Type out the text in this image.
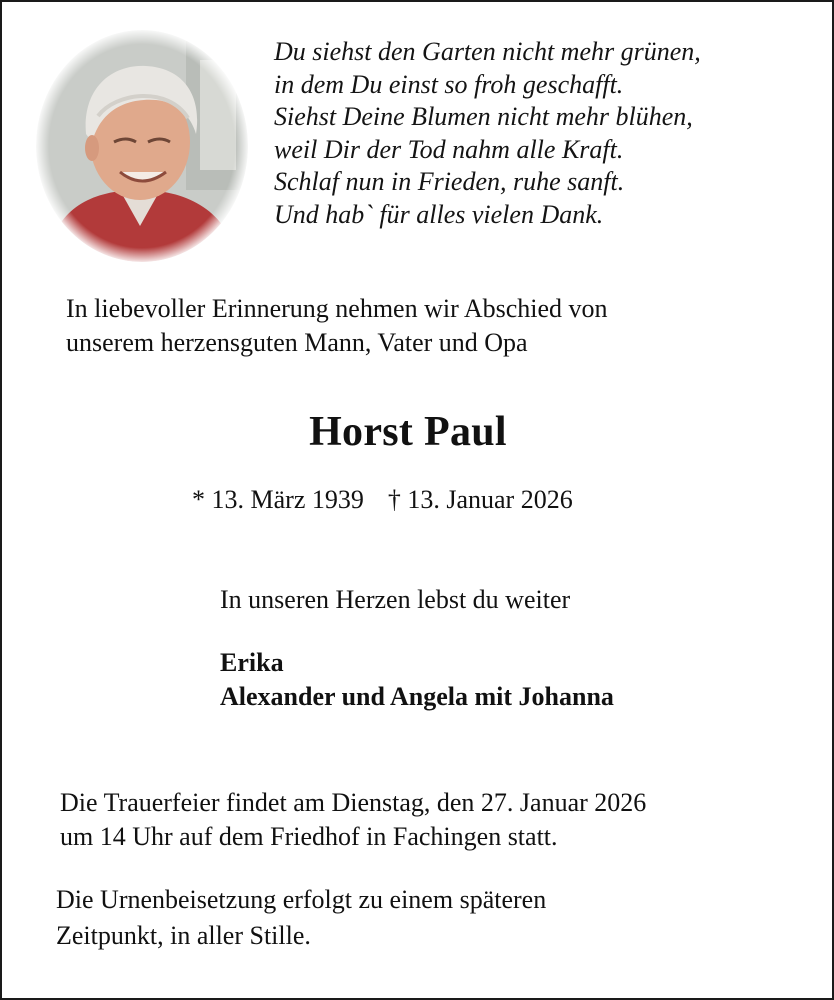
Du siehst den Garten nicht mehr grünen,
in dem Du einst so froh geschafft.
Siehst Deine Blumen nicht mehr blühen,
weil Dir der Tod nahm alle Kraft.
Schlaf nun in Frieden, ruhe sanft.
Und hab` für alles vielen Dank.
In liebevoller Erinnerung nehmen wir Abschied von
unserem herzensguten Mann, Vater und Opa
Horst Paul
* 13. März 1939 † 13. Januar 2026
In unseren Herzen lebst du weiter
Erika
Alexander und Angela mit Johanna
Die Trauerfeier findet am Dienstag, den 27. Januar 2026
um 14 Uhr auf dem Friedhof in Fachingen statt.
Die Urnenbeisetzung erfolgt zu einem späteren
Zeitpunkt, in aller Stille.
